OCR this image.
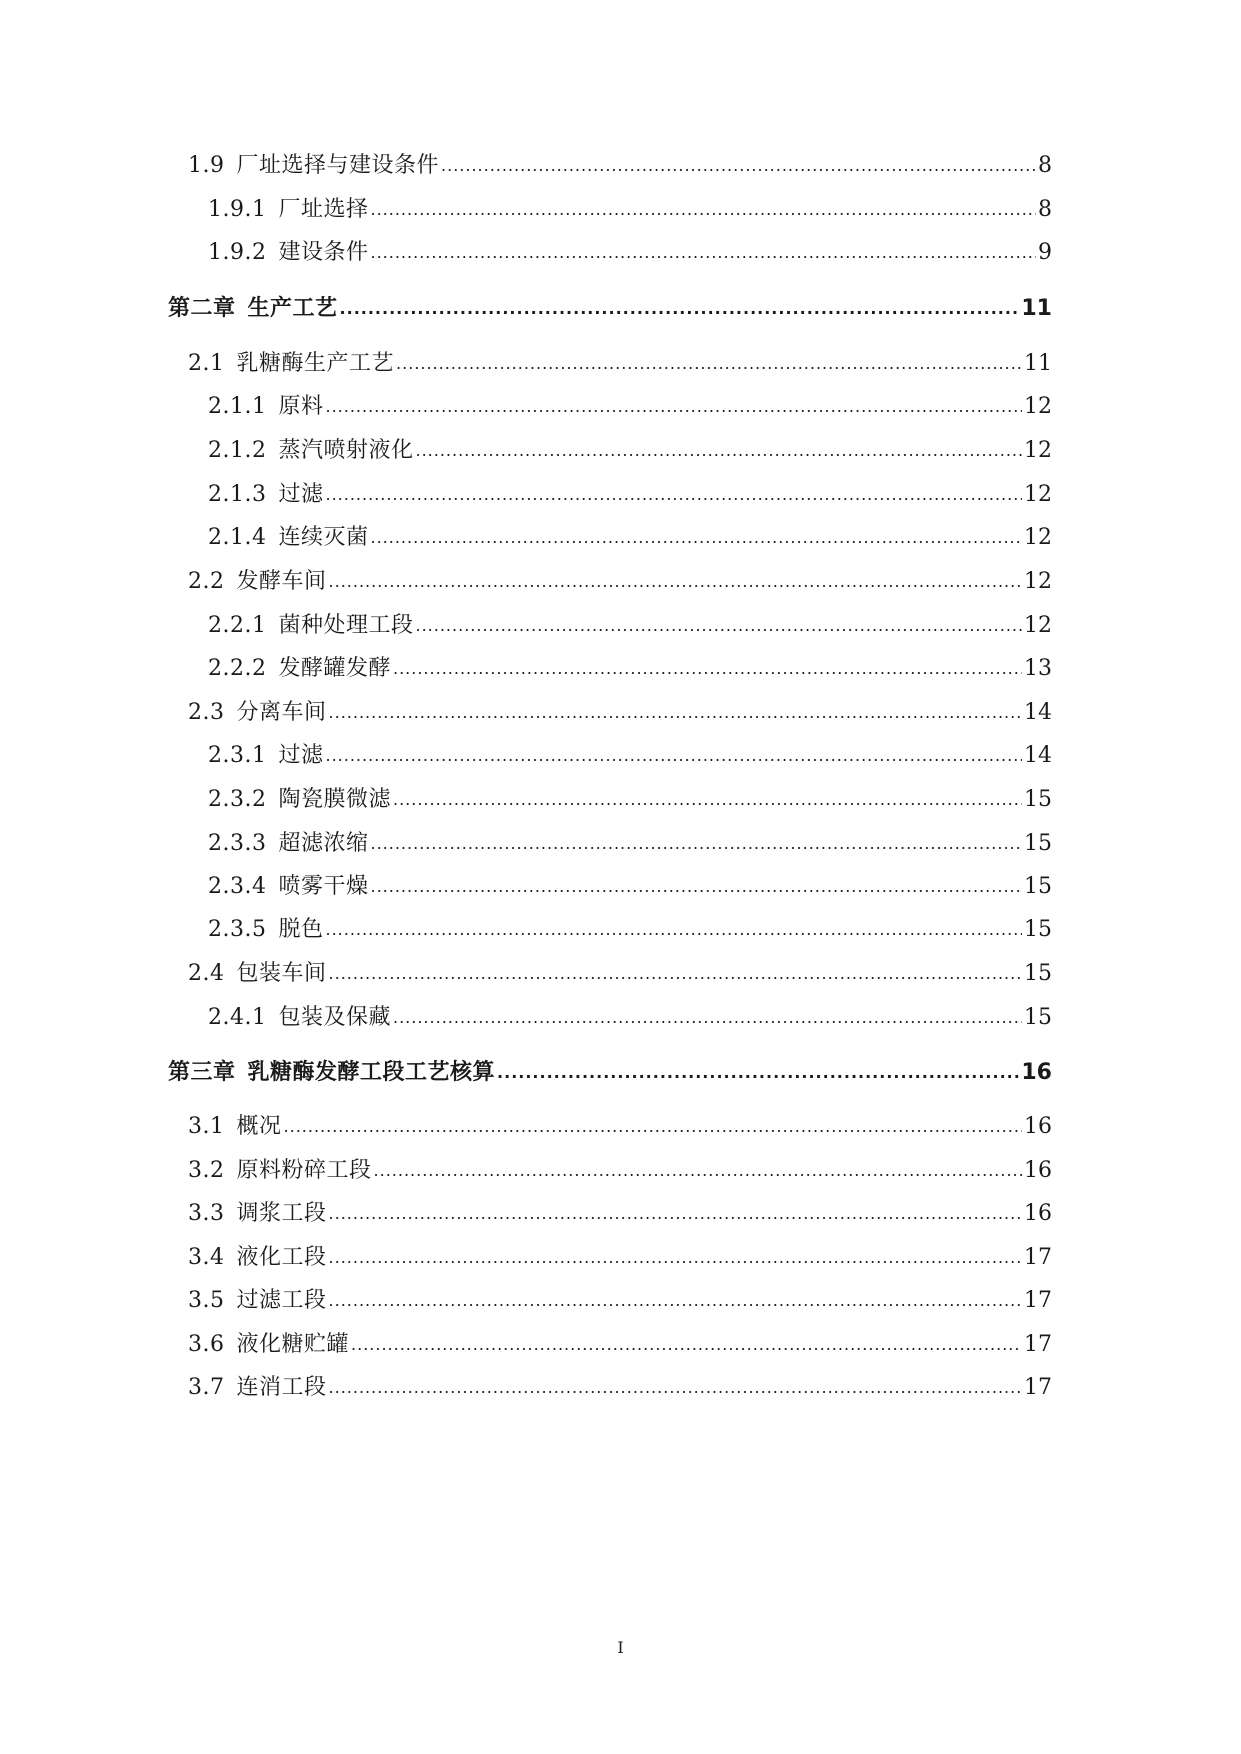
1.9 厂址选择与建设条件 .....	8
1.9.1 厂址选择 .....	8
1.9.2 建设条件 .....	9
第二章 生产工艺 .....	11
2.1 乳糖酶生产工艺 .....	11
2.1.1 原料 .....	12
2.1.2 蒸汽喷射液化 .....	12
2.1.3 过滤 .....	12
2.1.4 连续灭菌 .....	12
2.2 发酵车间 .....	12
2.2.1 菌种处理工段 .....	12
2.2.2 发酵罐发酵 .....	13
2.3 分离车间 .....	14
2.3.1 过滤 .....	14
2.3.2 陶瓷膜微滤 .....	15
2.3.3 超滤浓缩 .....	15
2.3.4 喷雾干燥 .....	15
2.3.5 脱色 .....	15
2.4 包装车间 .....	15
2.4.1 包装及保藏 .....	15
第三章 乳糖酶发酵工段工艺核算 .....	16
3.1 概况 .....	16
3.2 原料粉碎工段 .....	16
3.3 调浆工段 .....	16
3.4 液化工段 .....	17
3.5 过滤工段 .....	17
3.6 液化糖贮罐 .....	17
3.7 连消工段 .....	17
I
